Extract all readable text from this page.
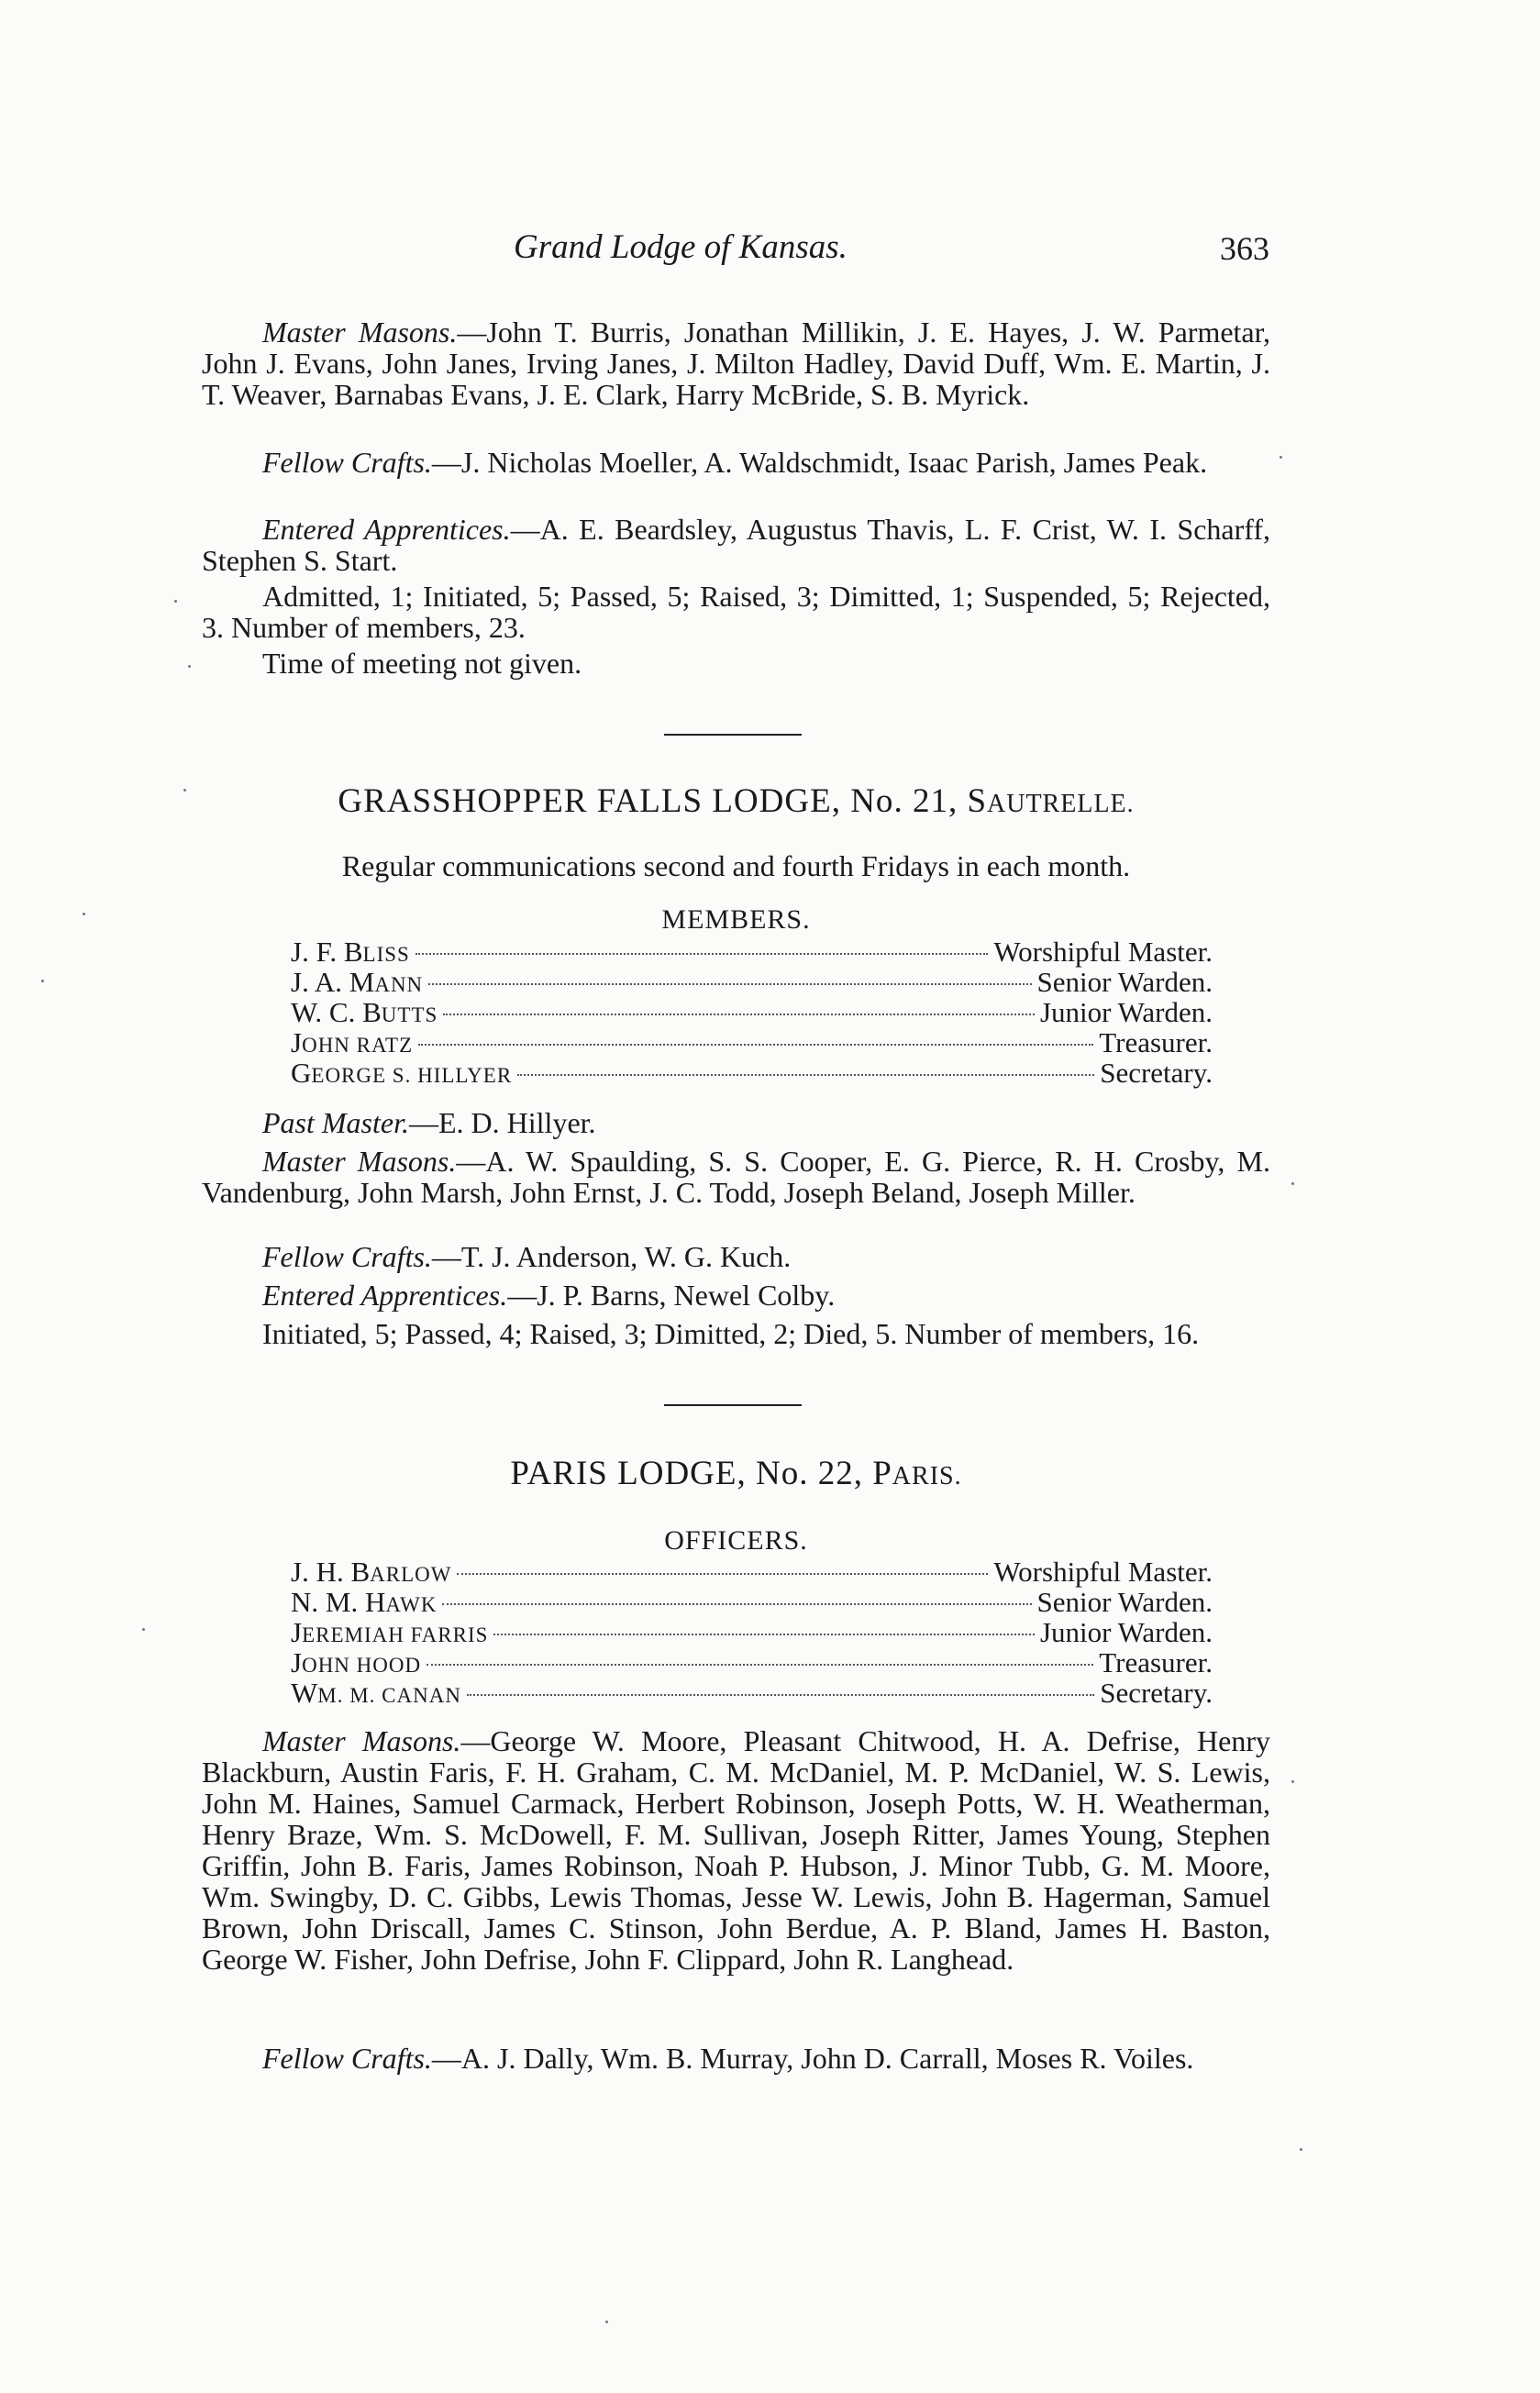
Grand Lodge of Kansas.	363
Master Masons.—John T. Burris, Jonathan Millikin, J. E. Hayes, J. W. Parmetar, John J. Evans, John Janes, Irving Janes, J. Milton Hadley, David Duff, Wm. E. Martin, J. T. Weaver, Barnabas Evans, J. E. Clark, Harry McBride, S. B. Myrick.
Fellow Crafts.—J. Nicholas Moeller, A. Waldschmidt, Isaac Parish, James Peak.
Entered Apprentices.—A. E. Beardsley, Augustus Thavis, L. F. Crist, W. I. Scharff, Stephen S. Start.
Admitted, 1; Initiated, 5; Passed, 5; Raised, 3; Dimitted, 1; Suspended, 5; Rejected, 3. Number of members, 23.
Time of meeting not given.
GRASSHOPPER FALLS LODGE, No. 21, SAUTRELLE.
Regular communications second and fourth Fridays in each month.
MEMBERS.
J. F. BLISS	Worshipful Master.
J. A. MANN	Senior Warden.
W. C. BUTTS	Junior Warden.
JOHN RATZ	Treasurer.
GEORGE S. HILLYER	Secretary.
Past Master.—E. D. Hillyer.
Master Masons.—A. W. Spaulding, S. S. Cooper, E. G. Pierce, R. H. Crosby, M. Vandenburg, John Marsh, John Ernst, J. C. Todd, Joseph Beland, Joseph Miller.
Fellow Crafts.—T. J. Anderson, W. G. Kuch.
Entered Apprentices.—J. P. Barns, Newel Colby.
Initiated, 5; Passed, 4; Raised, 3; Dimitted, 2; Died, 5. Number of members, 16.
PARIS LODGE, No. 22, PARIS.
OFFICERS.
J. H. BARLOW	Worshipful Master.
N. M. HAWK	Senior Warden.
JEREMIAH FARRIS	Junior Warden.
JOHN HOOD	Treasurer.
WM. M. CANAN	Secretary.
Master Masons.—George W. Moore, Pleasant Chitwood, H. A. Defrise, Henry Blackburn, Austin Faris, F. H. Graham, C. M. McDaniel, M. P. McDaniel, W. S. Lewis, John M. Haines, Samuel Carmack, Herbert Robinson, Joseph Potts, W. H. Weatherman, Henry Braze, Wm. S. McDowell, F. M. Sullivan, Joseph Ritter, James Young, Stephen Griffin, John B. Faris, James Robinson, Noah P. Hubson, J. Minor Tubb, G. M. Moore, Wm. Swingby, D. C. Gibbs, Lewis Thomas, Jesse W. Lewis, John B. Hagerman, Samuel Brown, John Driscall, James C. Stinson, John Berdue, A. P. Bland, James H. Baston, George W. Fisher, John Defrise, John F. Clippard, John R. Langhead.
Fellow Crafts.—A. J. Dally, Wm. B. Murray, John D. Carrall, Moses R. Voiles.
